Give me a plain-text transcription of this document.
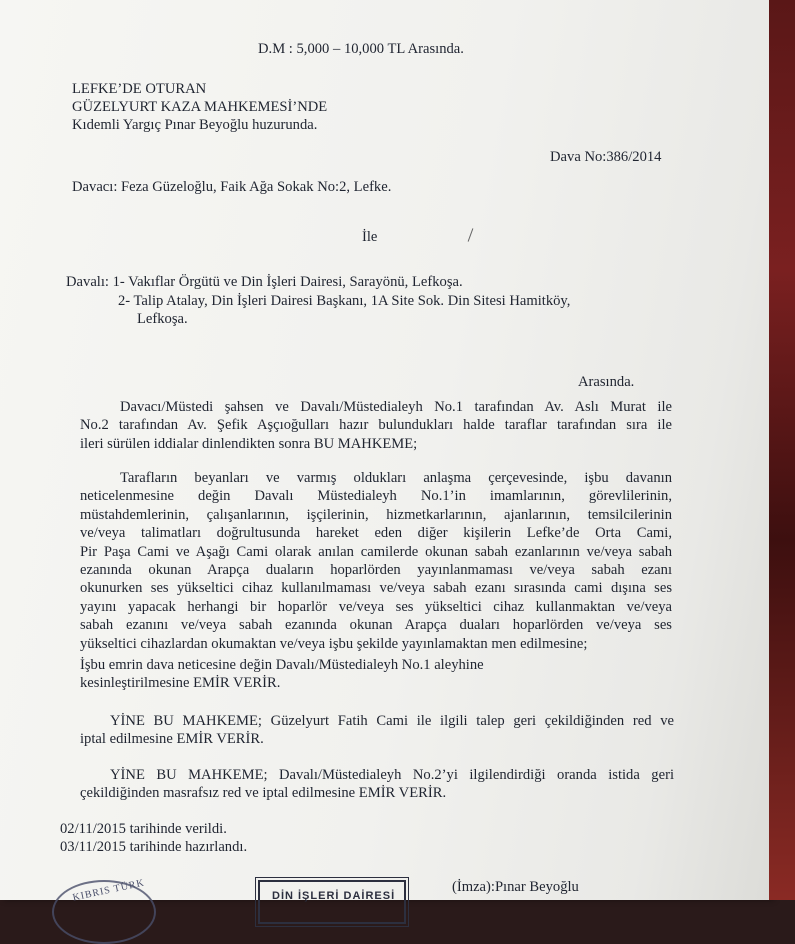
D.M : 5,000 – 10,000 TL Arasında.
LEFKE’DE OTURAN
GÜZELYURT KAZA MAHKEMESİ’NDE
Kıdemli Yargıç Pınar Beyoğlu huzurunda.
Dava No:386/2014
Davacı: Feza Güzeloğlu, Faik Ağa Sokak No:2, Lefke.
İle
Davalı: 1- Vakıflar Örgütü ve Din İşleri Dairesi, Sarayönü, Lefkoşa.
2- Talip Atalay, Din İşleri Dairesi Başkanı, 1A Site Sok. Din Sitesi Hamitköy,
Lefkoşa.
Arasında.
Davacı/Müstedi şahsen ve Davalı/Müstedialeyh No.1 tarafından Av. Aslı Murat ile
No.2 tarafından Av. Şefik Aşçıoğulları hazır bulundukları halde taraflar tarafından sıra ile
ileri sürülen iddialar dinlendikten sonra BU MAHKEME;
Tarafların beyanları ve varmış oldukları anlaşma çerçevesinde, işbu davanın
neticelenmesine değin Davalı Müstedialeyh No.1’in imamlarının, görevlilerinin,
müstahdemlerinin, çalışanlarının, işçilerinin, hizmetkarlarının, ajanlarının, temsilcilerinin
ve/veya talimatları doğrultusunda hareket eden diğer kişilerin Lefke’de Orta Cami,
Pir Paşa Cami ve Aşağı Cami olarak anılan camilerde okunan sabah ezanlarının ve/veya sabah
ezanında okunan Arapça duaların hoparlörden yayınlanmaması ve/veya sabah ezanı
okunurken ses yükseltici cihaz kullanılmaması ve/veya sabah ezanı sırasında cami dışına ses
yayını yapacak herhangi bir hoparlör ve/veya ses yükseltici cihaz kullanmaktan ve/veya
sabah ezanını ve/veya sabah ezanında okunan Arapça duaları hoparlörden ve/veya ses
yükseltici cihazlardan okumaktan ve/veya işbu şekilde yayınlamaktan men edilmesine;
İşbu emrin dava neticesine değin Davalı/Müstedialeyh No.1 aleyhine
kesinleştirilmesine EMİR VERİR.
YİNE BU MAHKEME; Güzelyurt Fatih Cami ile ilgili talep geri çekildiğinden red ve
iptal edilmesine EMİR VERİR.
YİNE BU MAHKEME; Davalı/Müstedialeyh No.2’yi ilgilendirdiği oranda istida geri
çekildiğinden masrafsız red ve iptal edilmesine EMİR VERİR.
02/11/2015 tarihinde verildi.
03/11/2015 tarihinde hazırlandı.
(İmza):Pınar Beyoğlu
KIBRIS TÜRK	DİN İŞLERİ DAİRESİ
